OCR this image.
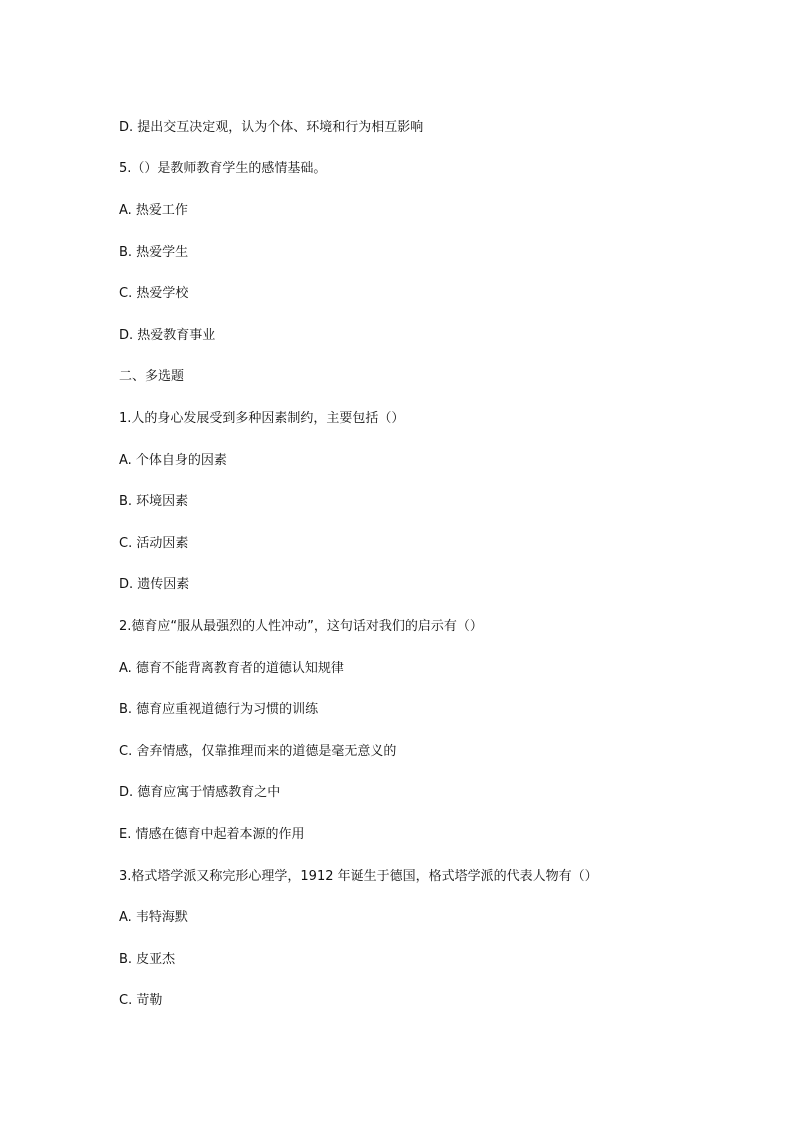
D. 提出交互决定观，认为个体、环境和行为相互影响
5.（）是教师教育学生的感情基础。
A. 热爱工作
B. 热爱学生
C. 热爱学校
D. 热爱教育事业
二、多选题
1.人的身心发展受到多种因素制约，主要包括（）
A. 个体自身的因素
B. 环境因素
C. 活动因素
D. 遗传因素
2.德育应“服从最强烈的人性冲动”，这句话对我们的启示有（）
A. 德育不能背离教育者的道德认知规律
B. 德育应重视道德行为习惯的训练
C. 舍弃情感，仅靠推理而来的道德是毫无意义的
D. 德育应寓于情感教育之中
E. 情感在德育中起着本源的作用
3.格式塔学派又称完形心理学，1912 年诞生于德国，格式塔学派的代表人物有（）
A. 韦特海默
B. 皮亚杰
C. 苛勒
